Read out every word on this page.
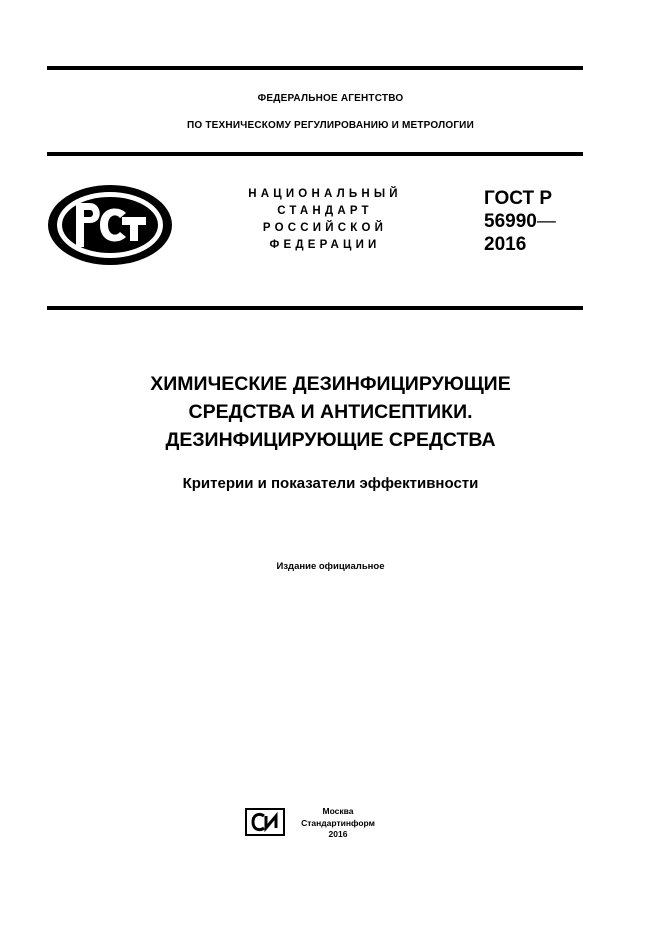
ФЕДЕРАЛЬНОЕ АГЕНТСТВО
ПО ТЕХНИЧЕСКОМУ РЕГУЛИРОВАНИЮ И МЕТРОЛОГИИ
НАЦИОНАЛЬНЫЙ
СТАНДАРТ
РОССИЙСКОЙ
ФЕДЕРАЦИИ
ГОСТ Р
56990—
2016
ХИМИЧЕСКИЕ ДЕЗИНФИЦИРУЮЩИЕ
СРЕДСТВА И АНТИСЕПТИКИ.
ДЕЗИНФИЦИРУЮЩИЕ СРЕДСТВА
Критерии и показатели эффективности
Издание официальное
Москва
Стандартинформ
2016
